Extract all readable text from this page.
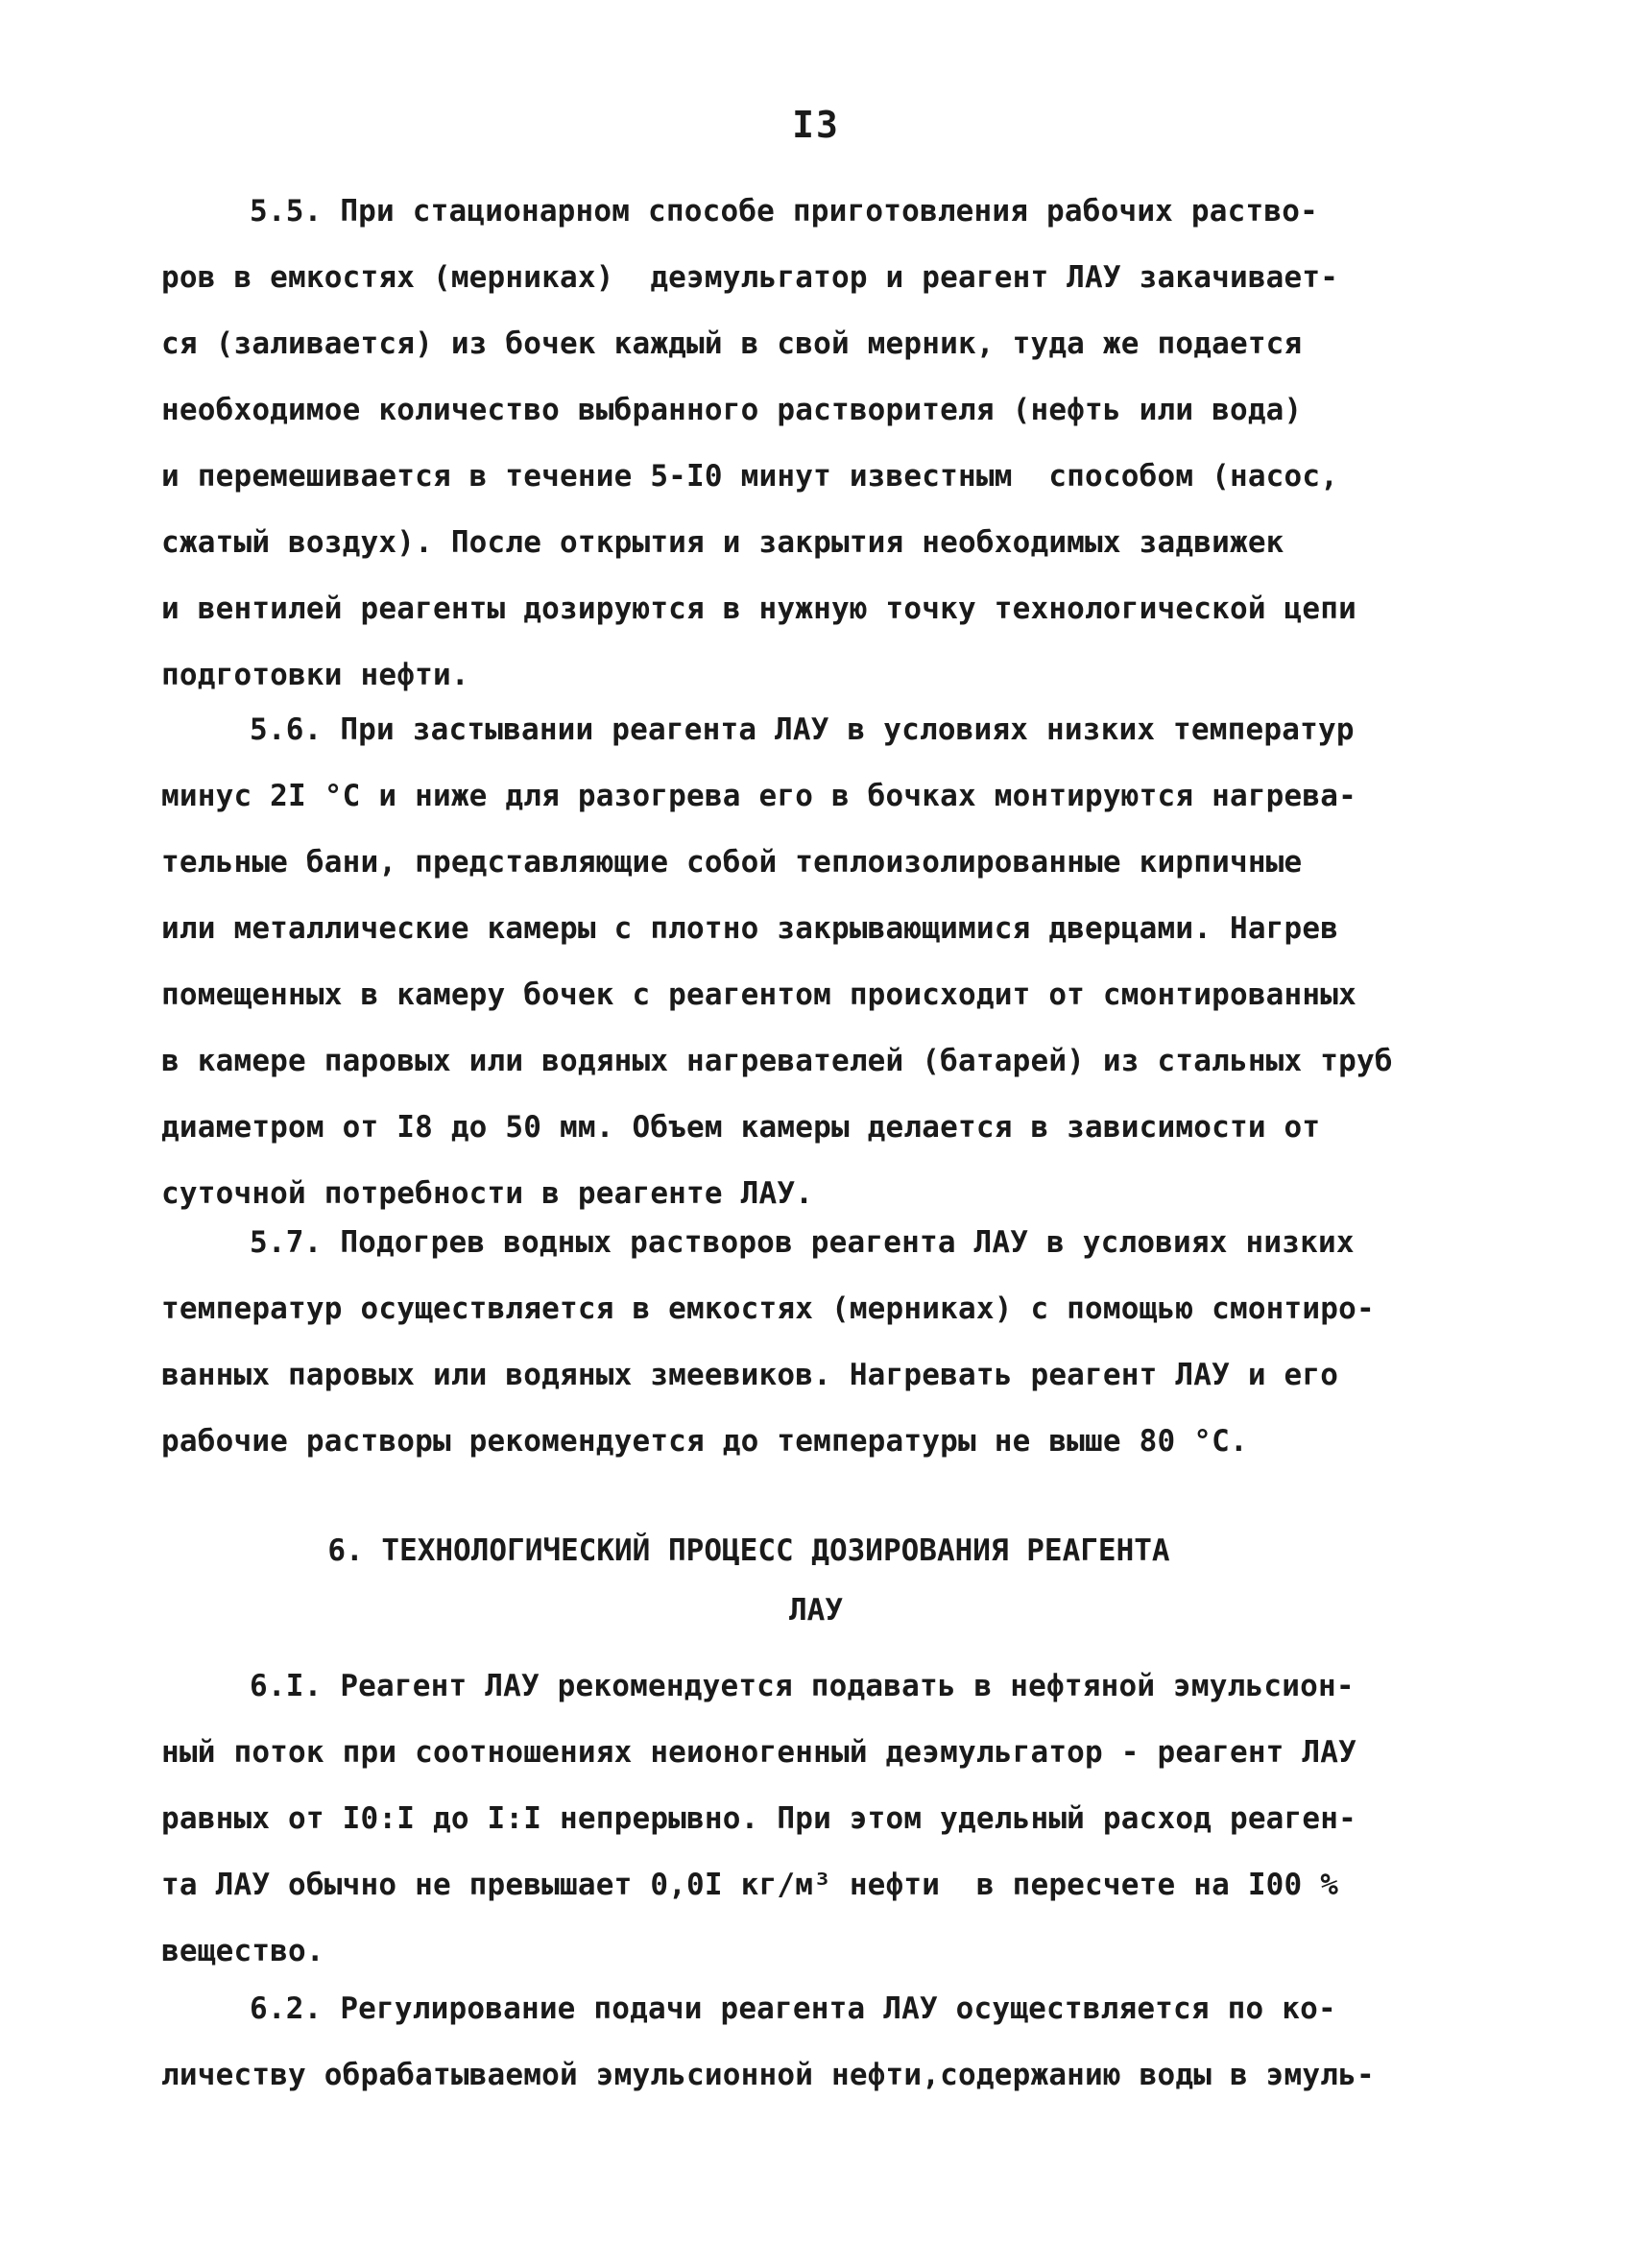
I3
5.5. При стационарном способе приготовления рабочих раство-
ров в емкостях (мерниках)  деэмульгатор и реагент ЛАУ закачивает-
ся (заливается) из бочек каждый в свой мерник, туда же подается
необходимое количество выбранного растворителя (нефть или вода)
и перемешивается в течение 5-I0 минут известным  способом (насос,
сжатый воздух). После открытия и закрытия необходимых задвижек
и вентилей реагенты дозируются в нужную точку технологической цепи
подготовки нефти.
5.6. При застывании реагента ЛАУ в условиях низких температур
минус 2I °С и ниже для разогрева его в бочках монтируются нагрева-
тельные бани, представляющие собой теплоизолированные кирпичные
или металлические камеры с плотно закрывающимися дверцами. Нагрев
помещенных в камеру бочек с реагентом происходит от смонтированных
в камере паровых или водяных нагревателей (батарей) из стальных труб
диаметром от I8 до 50 мм. Объем камеры делается в зависимости от
суточной потребности в реагенте ЛАУ.
5.7. Подогрев водных растворов реагента ЛАУ в условиях низких
температур осуществляется в емкостях (мерниках) с помощью смонтиро-
ванных паровых или водяных змеевиков. Нагревать реагент ЛАУ и его
рабочие растворы рекомендуется до температуры не выше 80 °С.
6. ТЕХНОЛОГИЧЕСКИЙ ПРОЦЕСС ДОЗИРОВАНИЯ РЕАГЕНТА
ЛАУ
6.I. Реагент ЛАУ рекомендуется подавать в нефтяной эмульсион-
ный поток при соотношениях неионогенный деэмульгатор - реагент ЛАУ
равных от I0:I до I:I непрерывно. При этом удельный расход реаген-
та ЛАУ обычно не превышает 0,0I кг/м³ нефти  в пересчете на I00 %
вещество.
6.2. Регулирование подачи реагента ЛАУ осуществляется по ко-
личеству обрабатываемой эмульсионной нефти,содержанию воды в эмуль-
